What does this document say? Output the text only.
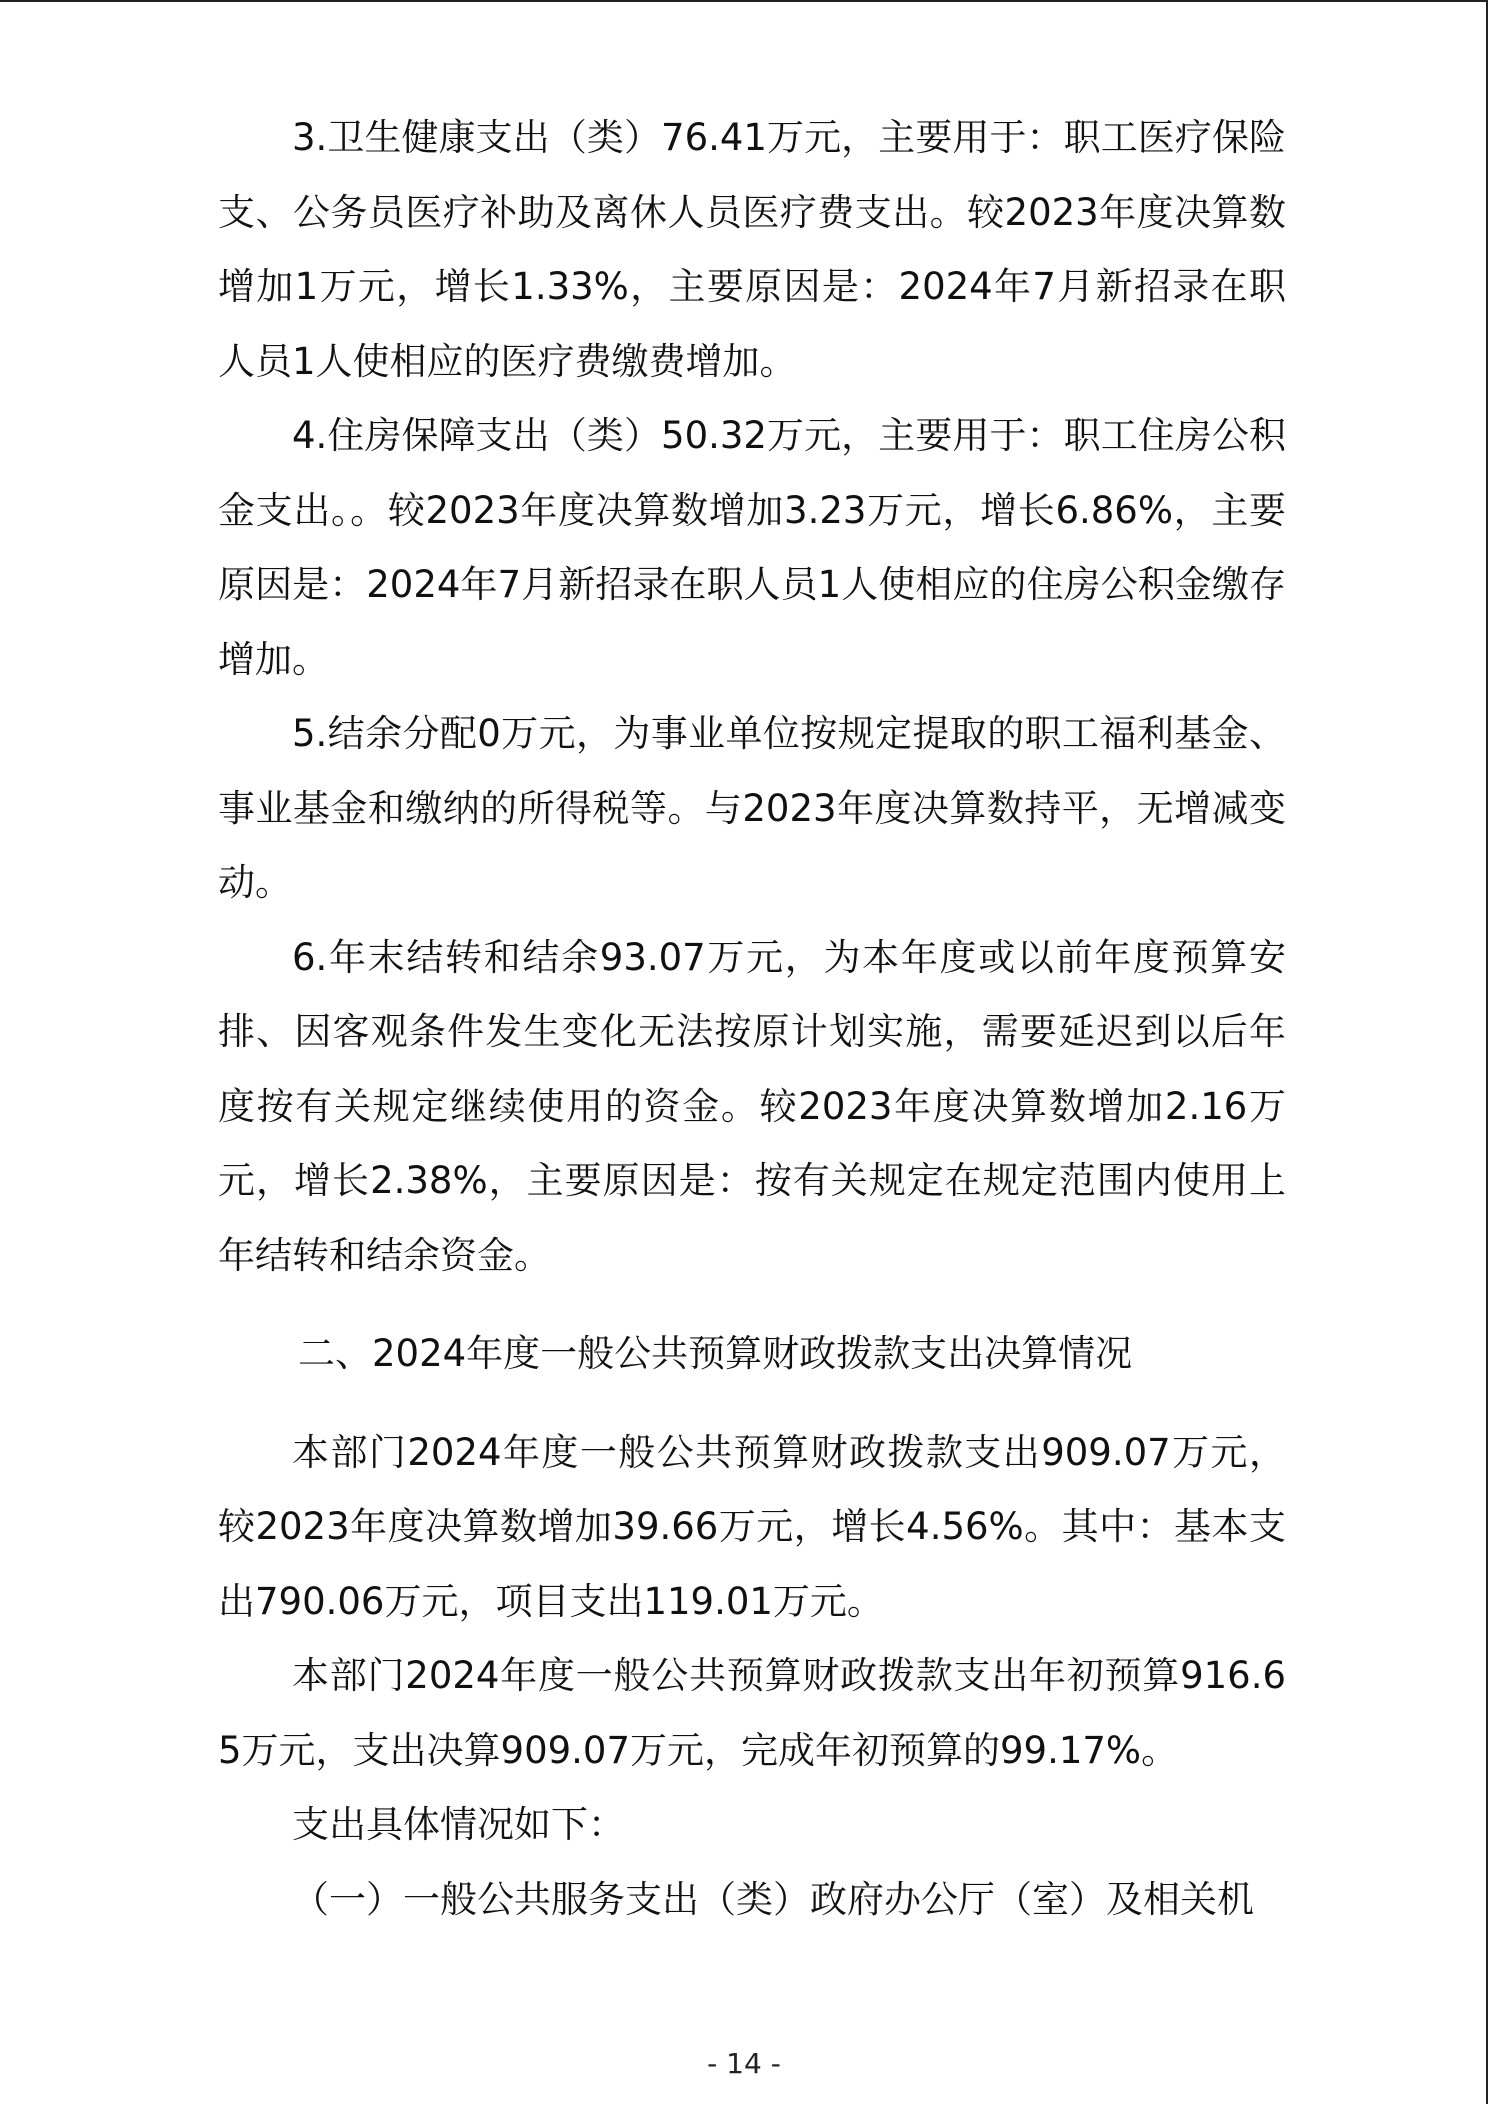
3.卫生健康支出（类）76.41万元，主要用于：职工医疗保险支、公务员医疗补助及离休人员医疗费支出。较2023年度决算数增加1万元，增长1.33%，主要原因是：2024年7月新招录在职人员1人使相应的医疗费缴费增加。

4.住房保障支出（类）50.32万元，主要用于：职工住房公积金支出。。较2023年度决算数增加3.23万元，增长6.86%，主要原因是：2024年7月新招录在职人员1人使相应的住房公积金缴存增加。

5.结余分配0万元，为事业单位按规定提取的职工福利基金、事业基金和缴纳的所得税等。与2023年度决算数持平，无增减变动。

6.年末结转和结余93.07万元，为本年度或以前年度预算安排、因客观条件发生变化无法按原计划实施，需要延迟到以后年度按有关规定继续使用的资金。较2023年度决算数增加2.16万元，增长2.38%，主要原因是：按有关规定在规定范围内使用上年结转和结余资金。

二、2024年度一般公共预算财政拨款支出决算情况

本部门2024年度一般公共预算财政拨款支出909.07万元，较2023年度决算数增加39.66万元，增长4.56%。其中：基本支出790.06万元，项目支出119.01万元。

本部门2024年度一般公共预算财政拨款支出年初预算916.65万元，支出决算909.07万元，完成年初预算的99.17%。

支出具体情况如下：

（一）一般公共服务支出（类）政府办公厅（室）及相关机

- 14 -
